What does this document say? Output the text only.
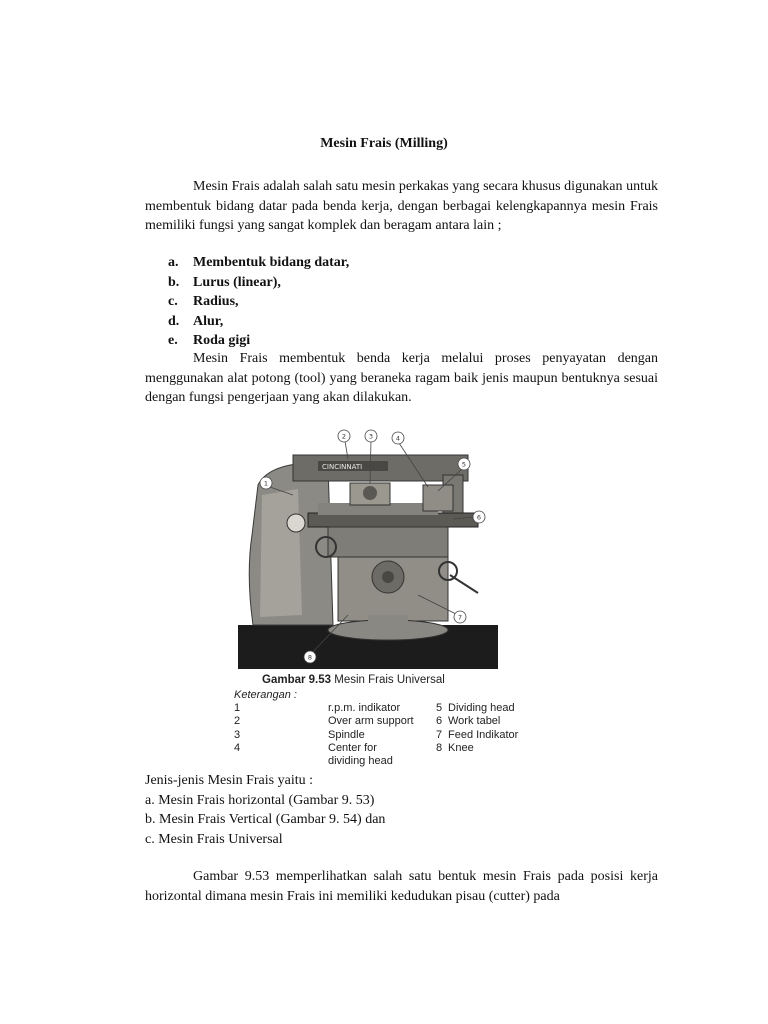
Mesin Frais (Milling)

Mesin Frais adalah salah satu mesin perkakas yang secara khusus digunakan untuk membentuk bidang datar pada benda kerja, dengan berbagai kelengkapannya mesin Frais memiliki fungsi yang sangat komplek dan beragam antara lain ;

a.	Membentuk bidang datar,
b. Lurus (linear),
c.	Radius,
d. Alur,
e.	Roda gigi

Mesin Frais membentuk benda kerja melalui proses penyayatan dengan menggunakan alat potong (tool) yang beraneka ragam baik jenis maupun bentuknya sesuai dengan fungsi pengerjaan yang akan dilakukan.

CINCINNATI
1
2	3	4
5
6
7
8
Gambar 9.53 Mesin Frais Universal
Keterangan :
1	r.p.m. indikator	5 Dividing head
2	Over arm support	6 Work tabel
3	Spindle	7 Feed Indikator
4	Center for	8 Knee
dividing head
Jenis-jenis Mesin Frais yaitu :
a. Mesin Frais horizontal (Gambar 9. 53)
b. Mesin Frais Vertical (Gambar 9. 54) dan
c. Mesin Frais Universal

Gambar 9.53 memperlihatkan salah satu bentuk mesin Frais pada posisi kerja horizontal dimana mesin Frais ini memiliki kedudukan pisau (cutter) pada
